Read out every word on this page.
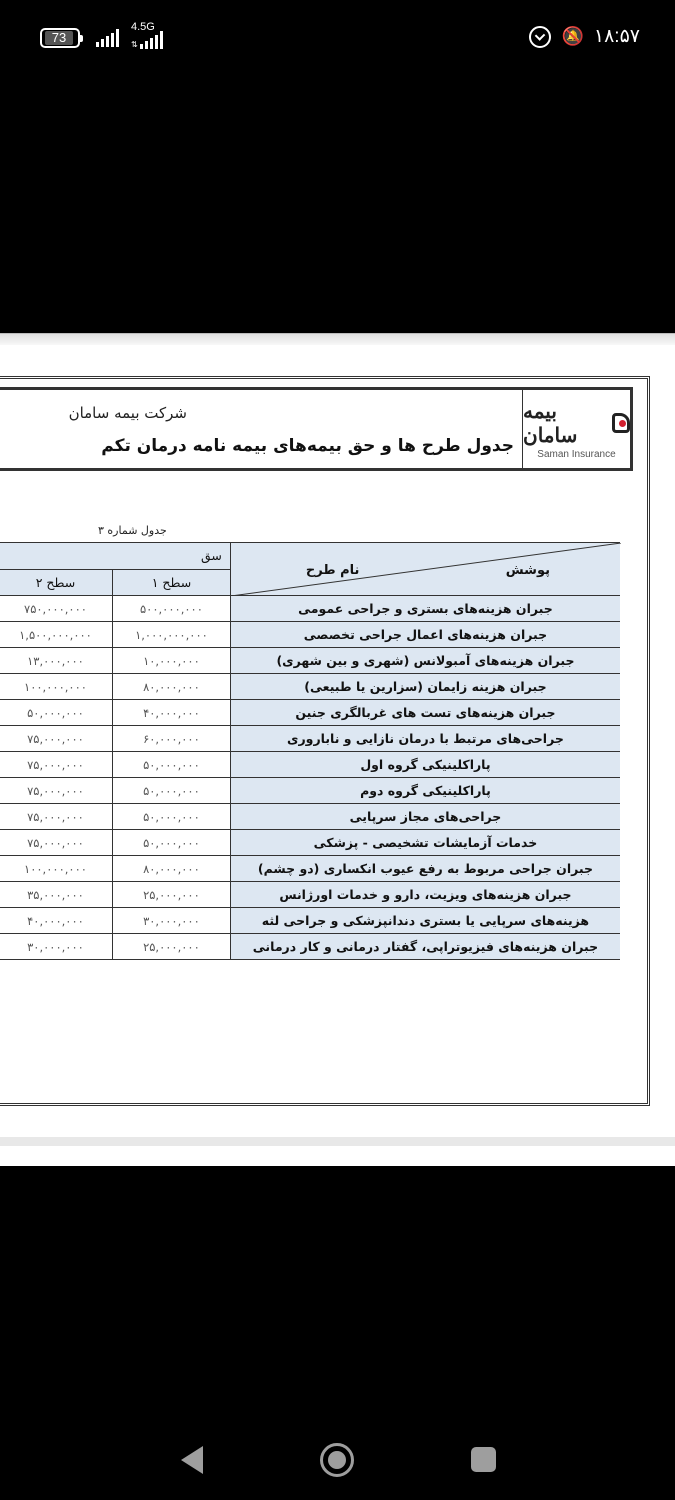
73
4.5G
⇅	🔕 ۱۸:۵۷
بیمه سامان
Saman Insurance
شرکت بیمه سامان
جدول طرح ها و حق بیمه‌های بیمه نامه درمان تکم
جدول شماره ۳
پوشش
نام طرح	سق	
	سطح ۱	سطح ۲
جبران هزینه‌های بستری و جراحی عمومی	۵۰۰,۰۰۰,۰۰۰	۷۵۰,۰۰۰,۰۰۰
جبران هزینه‌های اعمال جراحی تخصصی	۱,۰۰۰,۰۰۰,۰۰۰	۱,۵۰۰,۰۰۰,۰۰۰
جبران هزینه‌های آمبولانس (شهری و بین شهری)	۱۰,۰۰۰,۰۰۰	۱۳,۰۰۰,۰۰۰
جبران هزینه زایمان (سزارین یا طبیعی)	۸۰,۰۰۰,۰۰۰	۱۰۰,۰۰۰,۰۰۰
جبران هزینه‌های تست های غربالگری جنین	۴۰,۰۰۰,۰۰۰	۵۰,۰۰۰,۰۰۰
جراحی‌های مرتبط با درمان نازایی و ناباروری	۶۰,۰۰۰,۰۰۰	۷۵,۰۰۰,۰۰۰
پاراکلینیکی گروه اول	۵۰,۰۰۰,۰۰۰	۷۵,۰۰۰,۰۰۰
پاراکلینیکی گروه دوم	۵۰,۰۰۰,۰۰۰	۷۵,۰۰۰,۰۰۰
جراحی‌های مجاز سرپایی	۵۰,۰۰۰,۰۰۰	۷۵,۰۰۰,۰۰۰
خدمات آزمایشات تشخیصی - پزشکی	۵۰,۰۰۰,۰۰۰	۷۵,۰۰۰,۰۰۰
جبران جراحی مربوط به رفع عیوب انکساری (دو چشم)	۸۰,۰۰۰,۰۰۰	۱۰۰,۰۰۰,۰۰۰
جبران هزینه‌های ویزیت، دارو و خدمات اورژانس	۲۵,۰۰۰,۰۰۰	۳۵,۰۰۰,۰۰۰
هزینه‌های سرپایی یا بستری دندانپزشکی و جراحی لثه	۳۰,۰۰۰,۰۰۰	۴۰,۰۰۰,۰۰۰
جبران هزینه‌های فیزیوتراپی، گفتار درمانی و کار درمانی	۲۵,۰۰۰,۰۰۰	۳۰,۰۰۰,۰۰۰
